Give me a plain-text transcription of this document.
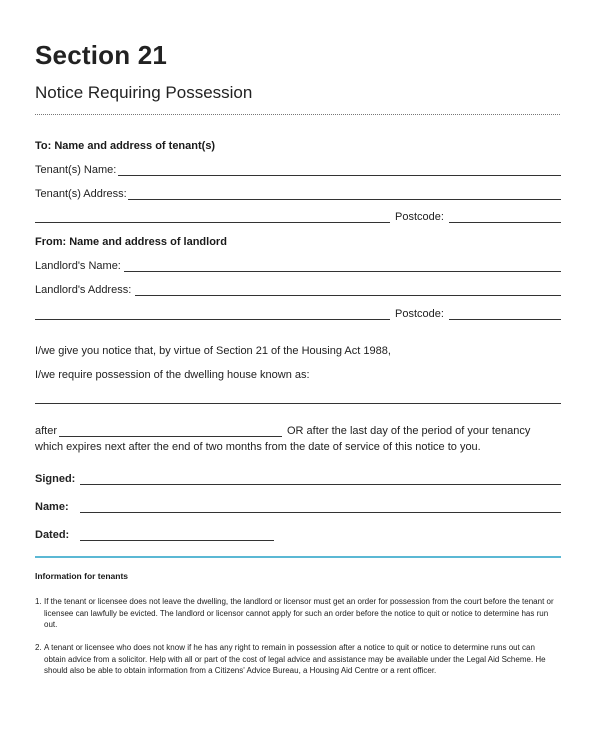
Section 21
Notice Requiring Possession
To: Name and address of tenant(s)
Tenant(s) Name:
Tenant(s) Address:
Postcode:
From: Name and address of landlord
Landlord's Name:
Landlord's Address:
Postcode:
I/we give you notice that, by virtue of Section 21 of the Housing Act 1988,
I/we require possession of the dwelling house known as:
after	OR after the last day of the period of your tenancy
which expires next after the end of two months from the date of service of this notice to you.
Signed:
Name:
Dated:
Information for tenants
1. If the tenant or licensee does not leave the dwelling, the landlord or licensor must get an order for possession from the court before the tenant or licensee can lawfully be evicted. The landlord or licensor cannot apply for such an order before the notice to quit or notice to determine has run out.
2. A tenant or licensee who does not know if he has any right to remain in possession after a notice to quit or notice to determine runs out can obtain advice from a solicitor. Help with all or part of the cost of legal advice and assistance may be available under the Legal Aid Scheme. He should also be able to obtain information from a Citizens' Advice Bureau, a Housing Aid Centre or a rent officer.
